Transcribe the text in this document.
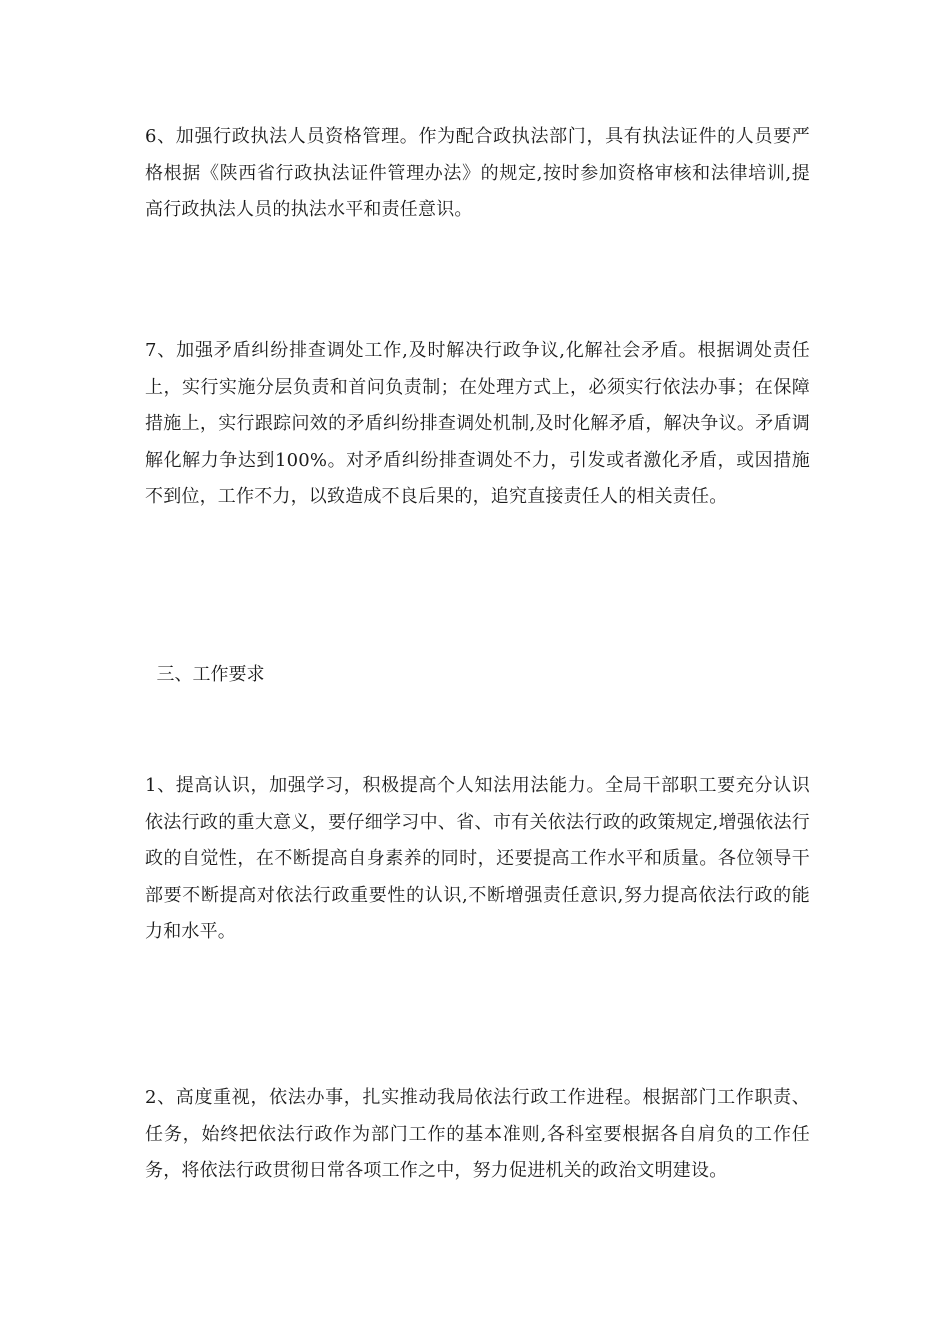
6、加强行政执法人员资格管理。作为配合政执法部门，具有执法证件的人员要严格根据《陕西省行政执法证件管理办法》的规定,按时参加资格审核和法律培训,提高行政执法人员的执法水平和责任意识。

7、加强矛盾纠纷排查调处工作,及时解决行政争议,化解社会矛盾。根据调处责任上，实行实施分层负责和首问负责制；在处理方式上，必须实行依法办事；在保障措施上，实行跟踪问效的矛盾纠纷排查调处机制,及时化解矛盾，解决争议。矛盾调解化解力争达到100%。对矛盾纠纷排查调处不力，引发或者激化矛盾，或因措施不到位，工作不力，以致造成不良后果的，追究直接责任人的相关责任。

三、工作要求

1、提高认识，加强学习，积极提高个人知法用法能力。全局干部职工要充分认识依法行政的重大意义，要仔细学习中、省、市有关依法行政的政策规定,增强依法行政的自觉性，在不断提高自身素养的同时，还要提高工作水平和质量。各位领导干部要不断提高对依法行政重要性的认识,不断增强责任意识,努力提高依法行政的能力和水平。

2、高度重视，依法办事，扎实推动我局依法行政工作进程。根据部门工作职责、任务，始终把依法行政作为部门工作的基本准则,各科室要根据各自肩负的工作任务，将依法行政贯彻日常各项工作之中，努力促进机关的政治文明建设。
